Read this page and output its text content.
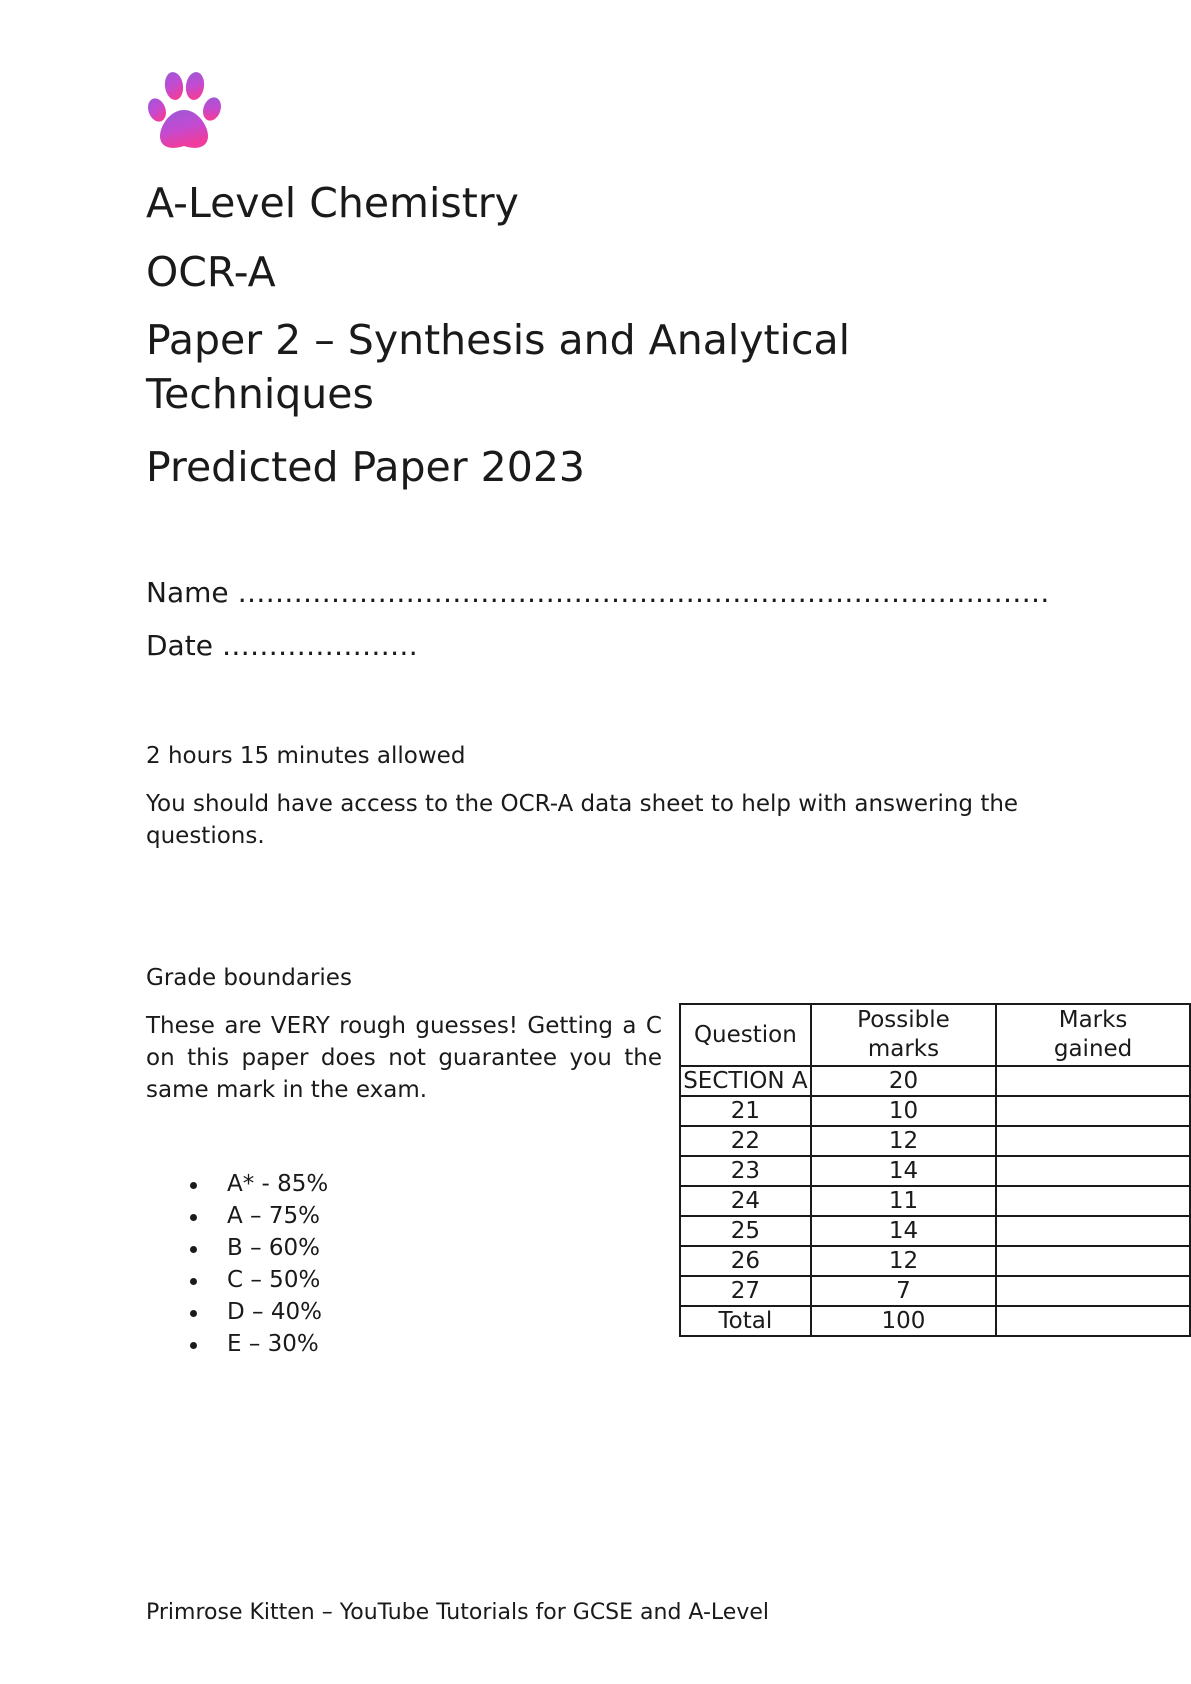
A-Level Chemistry
OCR-A
Paper 2 – Synthesis and Analytical Techniques
Predicted Paper 2023
Name ……………………………………………………………………………
Date …………………
2 hours 15 minutes allowed
You should have access to the OCR-A data sheet to help with answering the questions.
Grade boundaries
These are VERY rough guesses! Getting a C on this paper does not guarantee you the same mark in the exam.
A* - 85%
A – 75%
B – 60%
C – 50%
D – 40%
E – 30%
Question	Possible marks	Marks gained
SECTION A	20	
21	10	
22	12	
23	14	
24	11	
25	14	
26	12	
27	7	
Total	100	
Primrose Kitten – YouTube Tutorials for GCSE and A-Level
